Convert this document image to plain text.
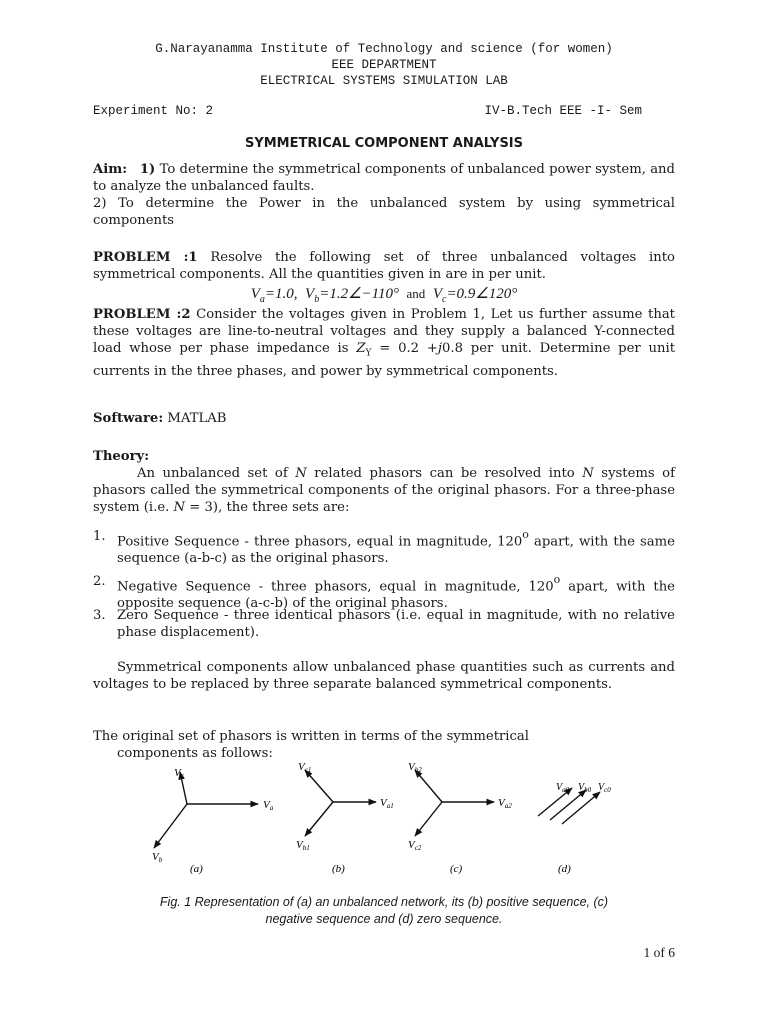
G.Narayanamma Institute of Technology and science (for women)
EEE DEPARTMENT
ELECTRICAL SYSTEMS SIMULATION LAB
Experiment No: 2	IV-B.Tech EEE -I- Sem
SYMMETRICAL COMPONENT ANALYSIS
Aim: 1) To determine the symmetrical components of unbalanced power system, and to analyze the unbalanced faults.
2) To determine the Power in the unbalanced system by using symmetrical components
PROBLEM :1 Resolve the following set of three unbalanced voltages into symmetrical components. All the quantities given in are in per unit.
$V_a=1.0$,  $V_b=1.2\angle-110^\circ$ and  $V_c=0.9\angle 120^\circ$
PROBLEM :2 Consider the voltages given in Problem 1, Let us further assume that these voltages are line-to-neutral voltages and they supply a balanced Y-connected load whose per phase impedance is $Z_Y = 0.2 +j0.8$ per unit. Determine per unit currents in the three phases, and power by symmetrical components.
Software: MATLAB
Theory:
An unbalanced set of N related phasors can be resolved into N systems of phasors called the symmetrical components of the original phasors. For a three-phase system (i.e. N = 3), the three sets are:
1. Positive Sequence - three phasors, equal in magnitude, 120$^o$ apart, with the same sequence (a-b-c) as the original phasors.
2. Negative Sequence - three phasors, equal in magnitude, 120$^o$ apart, with the opposite sequence (a-c-b) of the original phasors.
3. Zero Sequence - three identical phasors (i.e. equal in magnitude, with no relative phase displacement).
Symmetrical components allow unbalanced phase quantities such as currents and voltages to be replaced by three separate balanced symmetrical components.
The original set of phasors is written in terms of the symmetrical
components as follows:
Vc
Va
Vb
(a)
Vc1
Va1
Vb1
(b)
Vb2
Va2
Vc2
(c)
$V_{a0}$ $V_{b0}$ $V_{c0}$
(d)
Fig. 1 Representation of (a) an unbalanced network, its (b) positive sequence, (c)
negative sequence and (d) zero sequence.
1 of 6
